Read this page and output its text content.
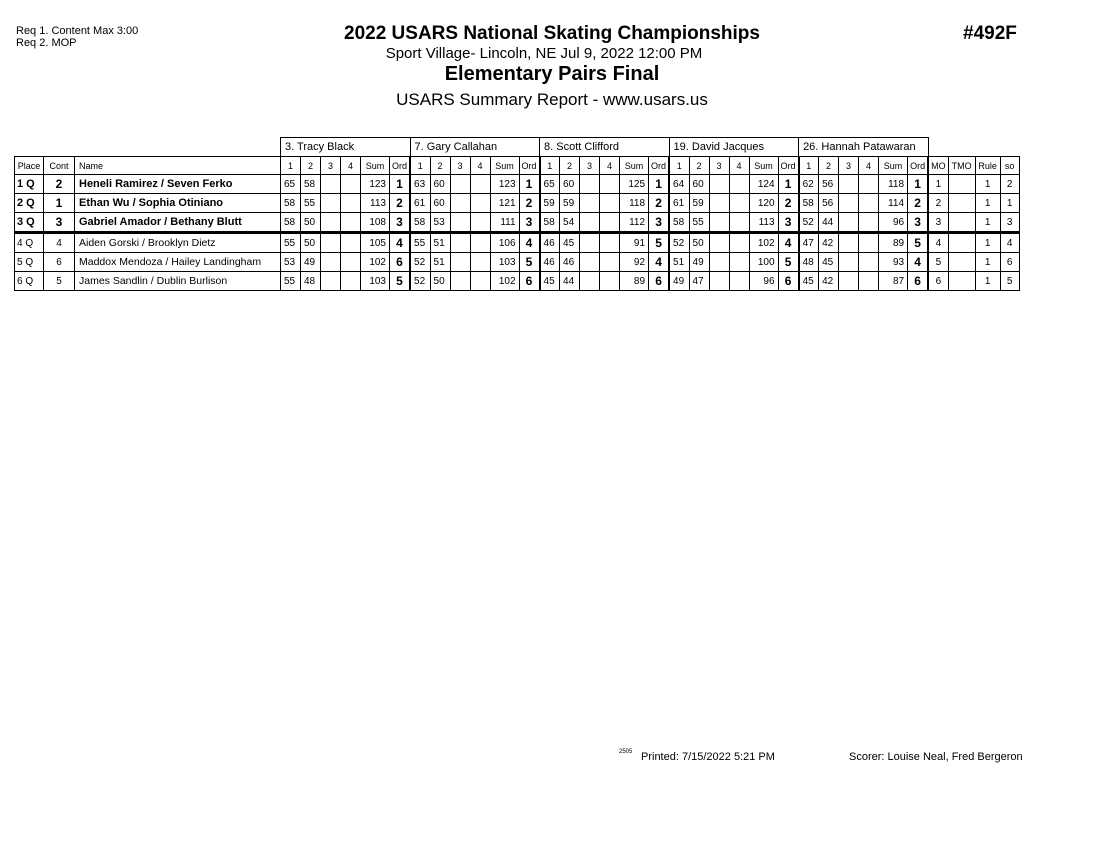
Req 1. Content Max 3:00
Req 2. MOP	2022 USARS National Skating Championships
Sport Village- Lincoln, NE Jul 9, 2022 12:00 PM
Elementary Pairs Final
USARS Summary Report - www.usars.us
#492F
			3. Tracy Black						7. Gary Callahan						8. Scott Clifford						19. David Jacques						26. Hannah Patawaran									
Place	Cont	Name	1	2	3	4	Sum	Ord	1	2	3	4	Sum	Ord	1	2	3	4	Sum	Ord	1	2	3	4	Sum	Ord	1	2	3	4	Sum	Ord	MO	TMO	Rule	so
1 Q	2	Heneli Ramirez / Seven Ferko	65	58			123	1	63	60			123	1	65	60			125	1	64	60			124	1	62	56			118	1	1		1	2
2 Q	1	Ethan Wu / Sophia Otiniano	58	55			113	2	61	60			121	2	59	59			118	2	61	59			120	2	58	56			114	2	2		1	1
3 Q	3	Gabriel Amador / Bethany Blutt	58	50			108	3	58	53			111	3	58	54			112	3	58	55			113	3	52	44			96	3	3		1	3
4 Q	4	Aiden Gorski / Brooklyn Dietz	55	50			105	4	55	51			106	4	46	45			91	5	52	50			102	4	47	42			89	5	4		1	4
5 Q	6	Maddox Mendoza / Hailey Landingham	53	49			102	6	52	51			103	5	46	46			92	4	51	49			100	5	48	45			93	4	5		1	6
6 Q	5	James Sandlin / Dublin Burlison	55	48			103	5	52	50			102	6	45	44			89	6	49	47			96	6	45	42			87	6	6		1	5
2505 Printed: 7/15/2022 5:21 PM	Scorer: Louise Neal, Fred Bergeron
